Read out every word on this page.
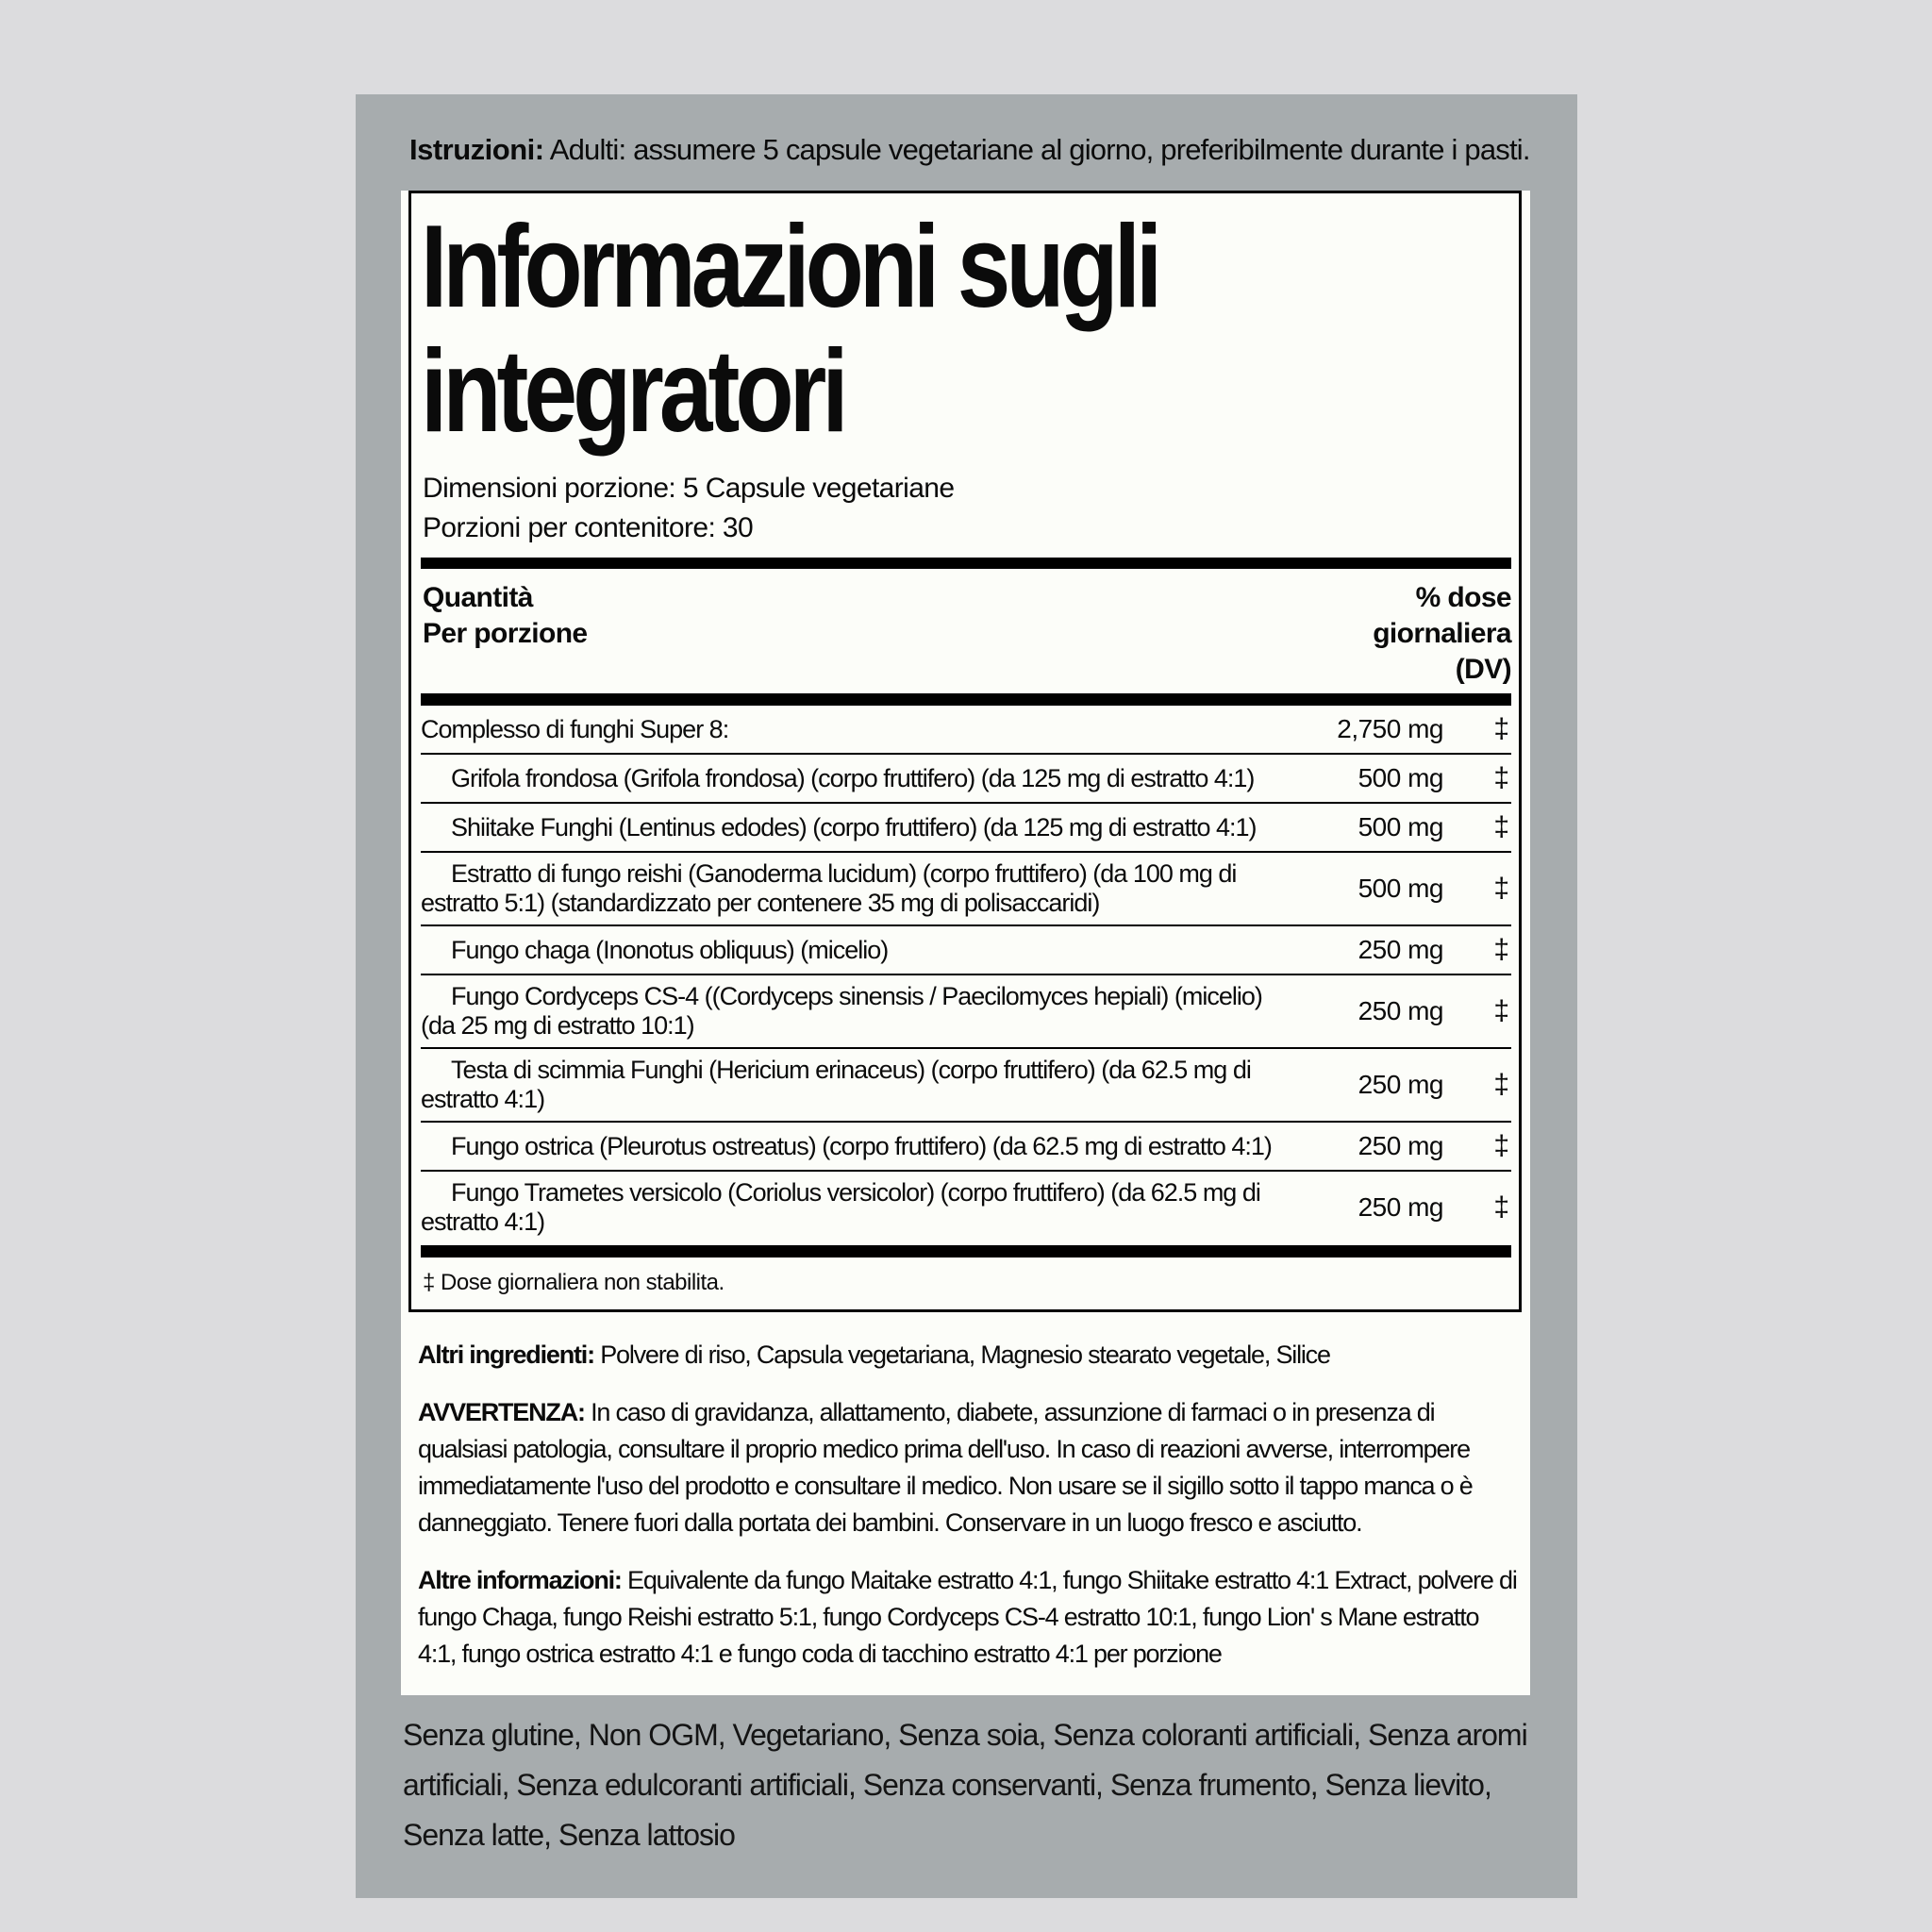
Istruzioni: Adulti: assumere 5 capsule vegetariane al giorno, preferibilmente durante i pasti.
Informazioni sugli
integratori
Dimensioni porzione: 5 Capsule vegetariane
Porzioni per contenitore: 30
Quantità
Per porzione
% dose
giornaliera
(DV)
Complesso di funghi Super 8:	2,750 mg	‡
Grifola frondosa (Grifola frondosa) (corpo fruttifero) (da 125 mg di estratto 4:1)	500 mg	‡
Shiitake Funghi (Lentinus edodes) (corpo fruttifero) (da 125 mg di estratto 4:1)	500 mg	‡
Estratto di fungo reishi (Ganoderma lucidum) (corpo fruttifero) (da 100 mg di estratto 5:1) (standardizzato per contenere 35 mg di polisaccaridi)	500 mg	‡
Fungo chaga (Inonotus obliquus) (micelio)	250 mg	‡
Fungo Cordyceps CS-4 ((Cordyceps sinensis / Paecilomyces hepiali) (micelio) (da 25 mg di estratto 10:1)	250 mg	‡
Testa di scimmia Funghi (Hericium erinaceus) (corpo fruttifero) (da 62.5 mg di estratto 4:1)	250 mg	‡
Fungo ostrica (Pleurotus ostreatus) (corpo fruttifero) (da 62.5 mg di estratto 4:1)	250 mg	‡
Fungo Trametes versicolo (Coriolus versicolor) (corpo fruttifero) (da 62.5 mg di estratto 4:1)	250 mg	‡
‡ Dose giornaliera non stabilita.
Altri ingredienti: Polvere di riso, Capsula vegetariana, Magnesio stearato vegetale, Silice
AVVERTENZA: In caso di gravidanza, allattamento, diabete, assunzione di farmaci o in presenza di qualsiasi patologia, consultare il proprio medico prima dell'uso. In caso di reazioni avverse, interrompere immediatamente l'uso del prodotto e consultare il medico. Non usare se il sigillo sotto il tappo manca o è danneggiato. Tenere fuori dalla portata dei bambini. Conservare in un luogo fresco e asciutto.
Altre informazioni: Equivalente da fungo Maitake estratto 4:1, fungo Shiitake estratto 4:1 Extract, polvere di fungo Chaga, fungo Reishi estratto 5:1, fungo Cordyceps CS-4 estratto 10:1, fungo Lion' s Mane estratto 4:1, fungo ostrica estratto 4:1 e fungo coda di tacchino estratto 4:1 per porzione
Senza glutine, Non OGM, Vegetariano, Senza soia, Senza coloranti artificiali, Senza aromi artificiali, Senza edulcoranti artificiali, Senza conservanti, Senza frumento, Senza lievito, Senza latte, Senza lattosio
